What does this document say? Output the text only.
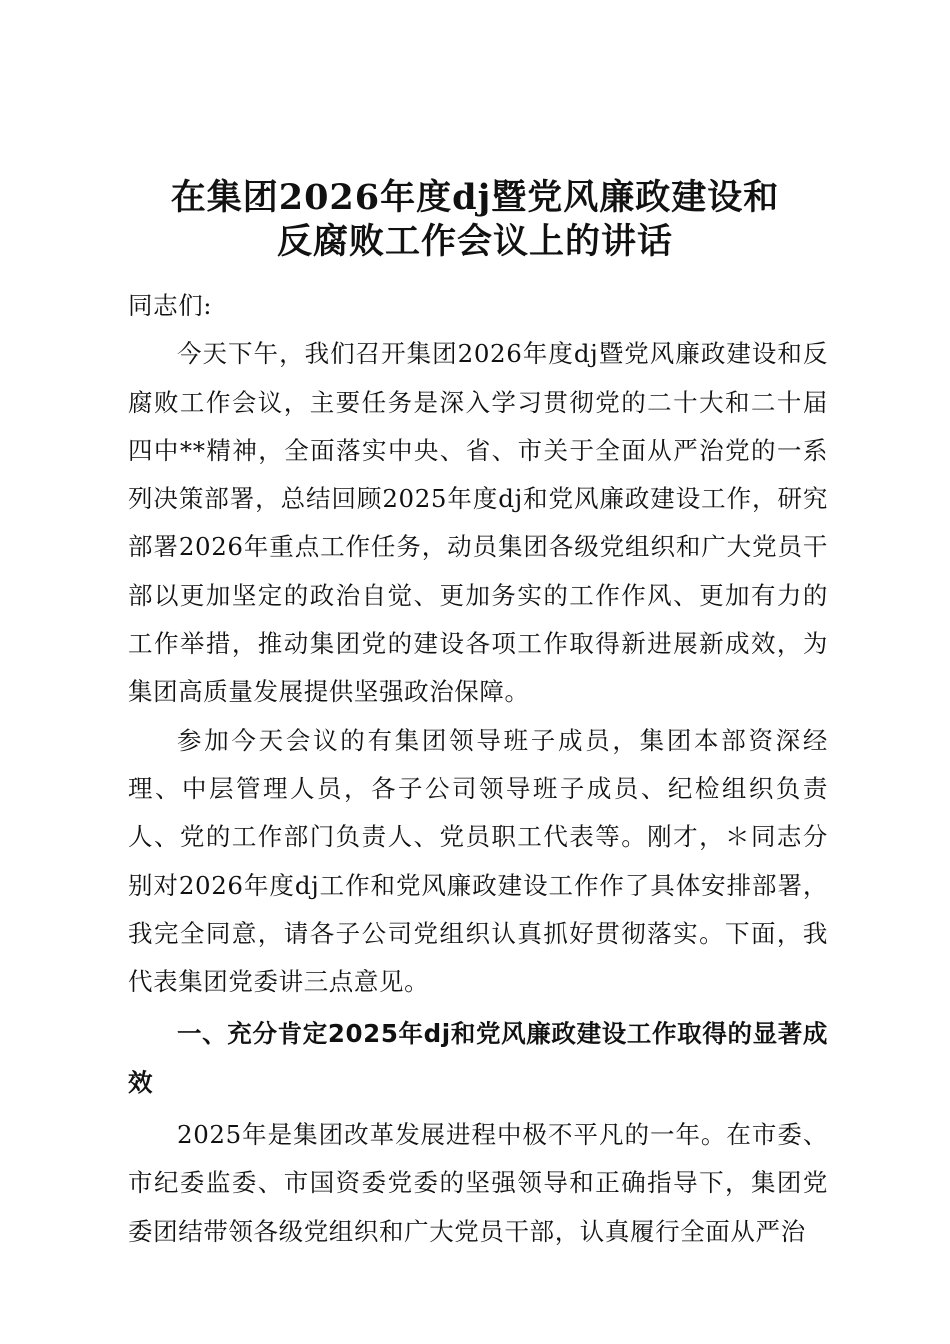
在集团2026年度dj暨党风廉政建设和
反腐败工作会议上的讲话

同志们:

今天下午，我们召开集团2026年度dj暨党风廉政建设和反腐败工作会议，主要任务是深入学习贯彻党的二十大和二十届四中**精神，全面落实中央、省、市关于全面从严治党的一系列决策部署，总结回顾2025年度dj和党风廉政建设工作，研究部署2026年重点工作任务，动员集团各级党组织和广大党员干部以更加坚定的政治自觉、更加务实的工作作风、更加有力的工作举措，推动集团党的建设各项工作取得新进展新成效，为集团高质量发展提供坚强政治保障。

参加今天会议的有集团领导班子成员，集团本部资深经理、中层管理人员，各子公司领导班子成员、纪检组织负责人、党的工作部门负责人、党员职工代表等。刚才，＊同志分别对2026年度dj工作和党风廉政建设工作作了具体安排部署，我完全同意，请各子公司党组织认真抓好贯彻落实。下面，我代表集团党委讲三点意见。

一、充分肯定2025年dj和党风廉政建设工作取得的显著成效

2025年是集团改革发展进程中极不平凡的一年。在市委、市纪委监委、市国资委党委的坚强领导和正确指导下，集团党委团结带领各级党组织和广大党员干部，认真履行全面从严治
